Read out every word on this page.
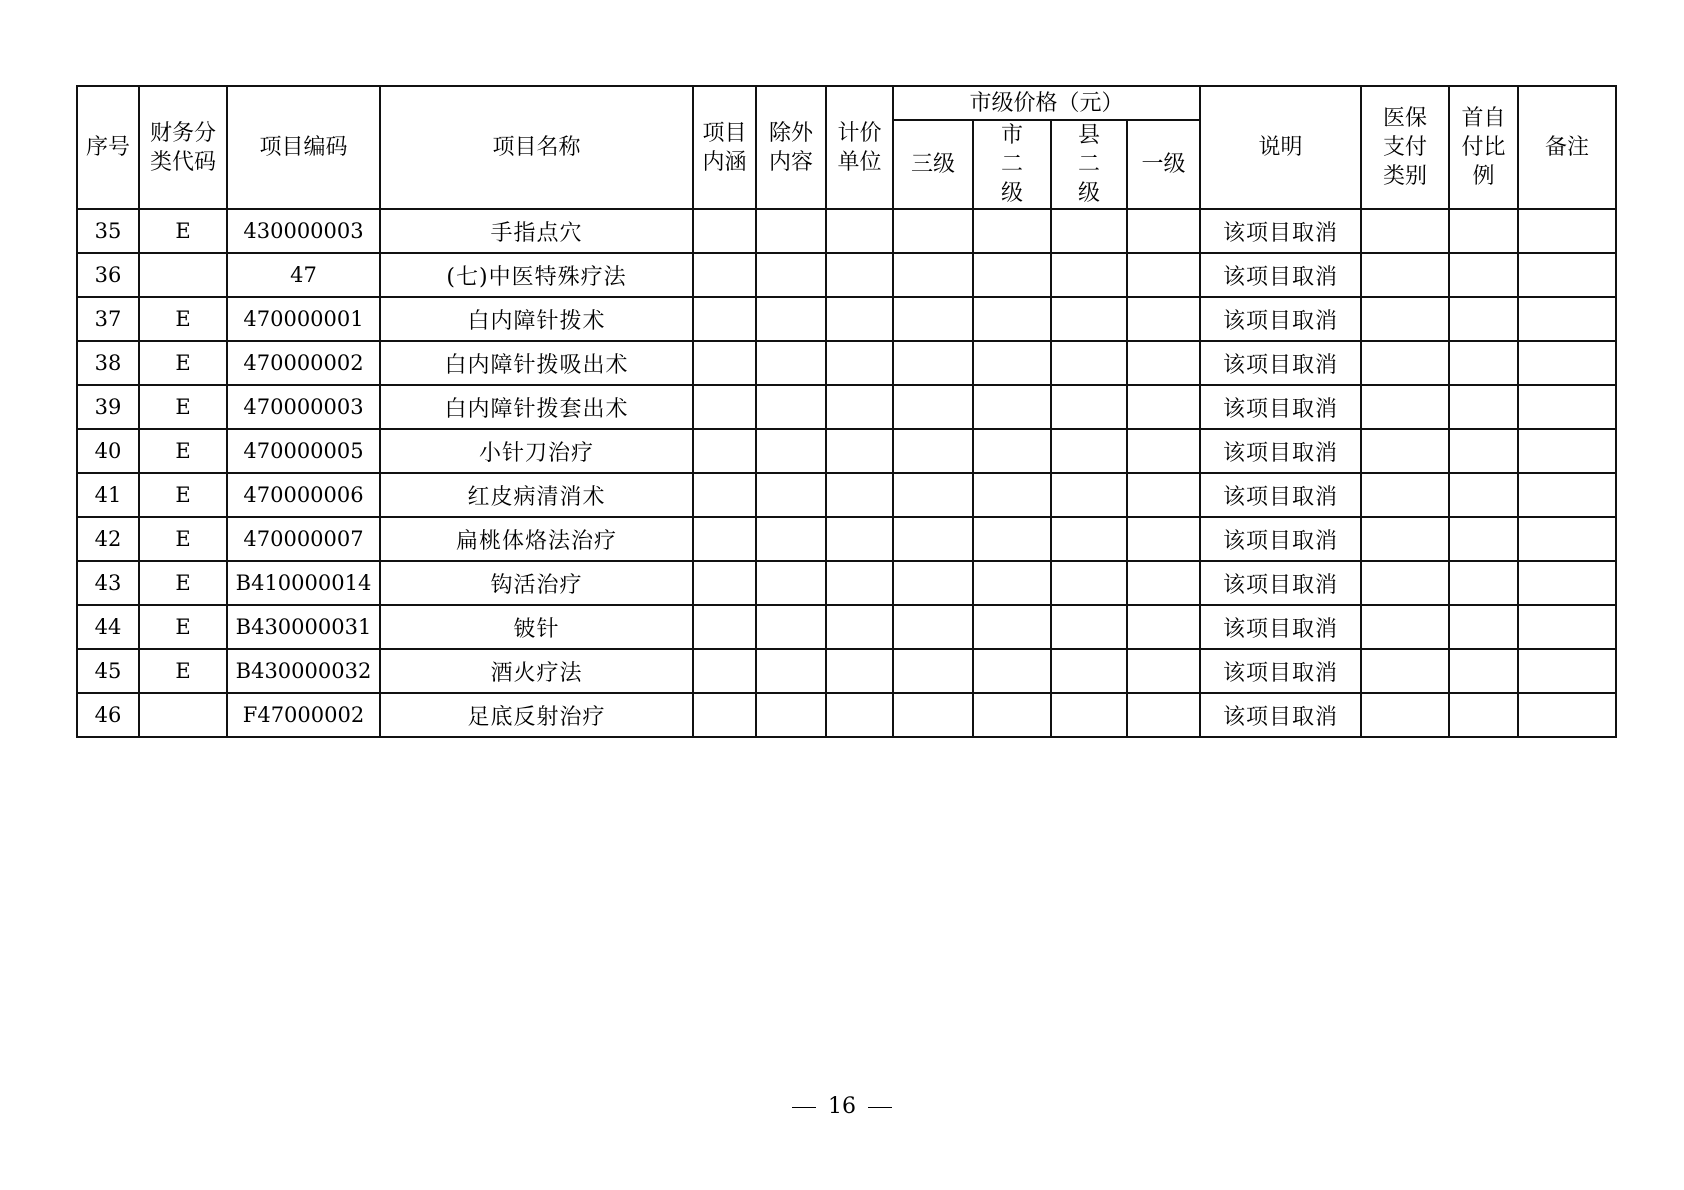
序号	财务分类代码	项目编码	项目名称	项目内涵	除外内容	计价单位	市级价格（元）				说明	医保支付类别	首自付比例	备注
							三级	市二级	县二级	一级				
35	E	430000003	手指点穴								该项目取消			
36		47	(七)中医特殊疗法								该项目取消			
37	E	470000001	白内障针拨术								该项目取消			
38	E	470000002	白内障针拨吸出术								该项目取消			
39	E	470000003	白内障针拨套出术								该项目取消			
40	E	470000005	小针刀治疗								该项目取消			
41	E	470000006	红皮病清消术								该项目取消			
42	E	470000007	扁桃体烙法治疗								该项目取消			
43	E	B410000014	钩活治疗								该项目取消			
44	E	B430000031	铍针								该项目取消			
45	E	B430000032	酒火疗法								该项目取消			
46		F47000002	足底反射治疗								该项目取消			
16
